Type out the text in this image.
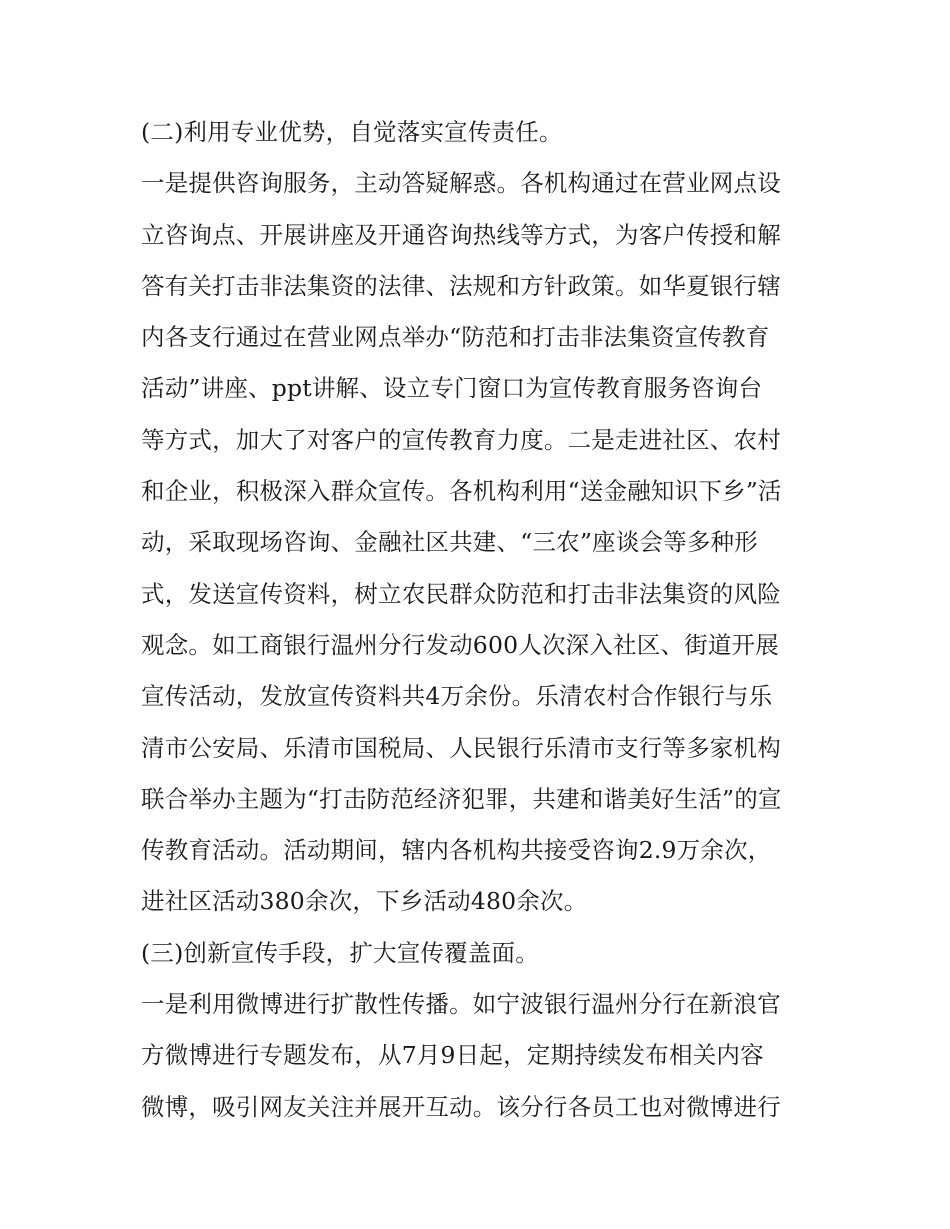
(二)利用专业优势，自觉落实宣传责任。
一是提供咨询服务，主动答疑解惑。各机构通过在营业网点设
立咨询点、开展讲座及开通咨询热线等方式，为客户传授和解
答有关打击非法集资的法律、法规和方针政策。如华夏银行辖
内各支行通过在营业网点举办“防范和打击非法集资宣传教育
活动”讲座、ppt讲解、设立专门窗口为宣传教育服务咨询台
等方式，加大了对客户的宣传教育力度。二是走进社区、农村
和企业，积极深入群众宣传。各机构利用“送金融知识下乡”活
动，采取现场咨询、金融社区共建、“三农”座谈会等多种形
式，发送宣传资料，树立农民群众防范和打击非法集资的风险
观念。如工商银行温州分行发动600人次深入社区、街道开展
宣传活动，发放宣传资料共4万余份。乐清农村合作银行与乐
清市公安局、乐清市国税局、人民银行乐清市支行等多家机构
联合举办主题为“打击防范经济犯罪，共建和谐美好生活”的宣
传教育活动。活动期间，辖内各机构共接受咨询2.9万余次，
进社区活动380余次，下乡活动480余次。
(三)创新宣传手段，扩大宣传覆盖面。
一是利用微博进行扩散性传播。如宁波银行温州分行在新浪官
方微博进行专题发布，从7月9日起，定期持续发布相关内容
微博，吸引网友关注并展开互动。该分行各员工也对微博进行
